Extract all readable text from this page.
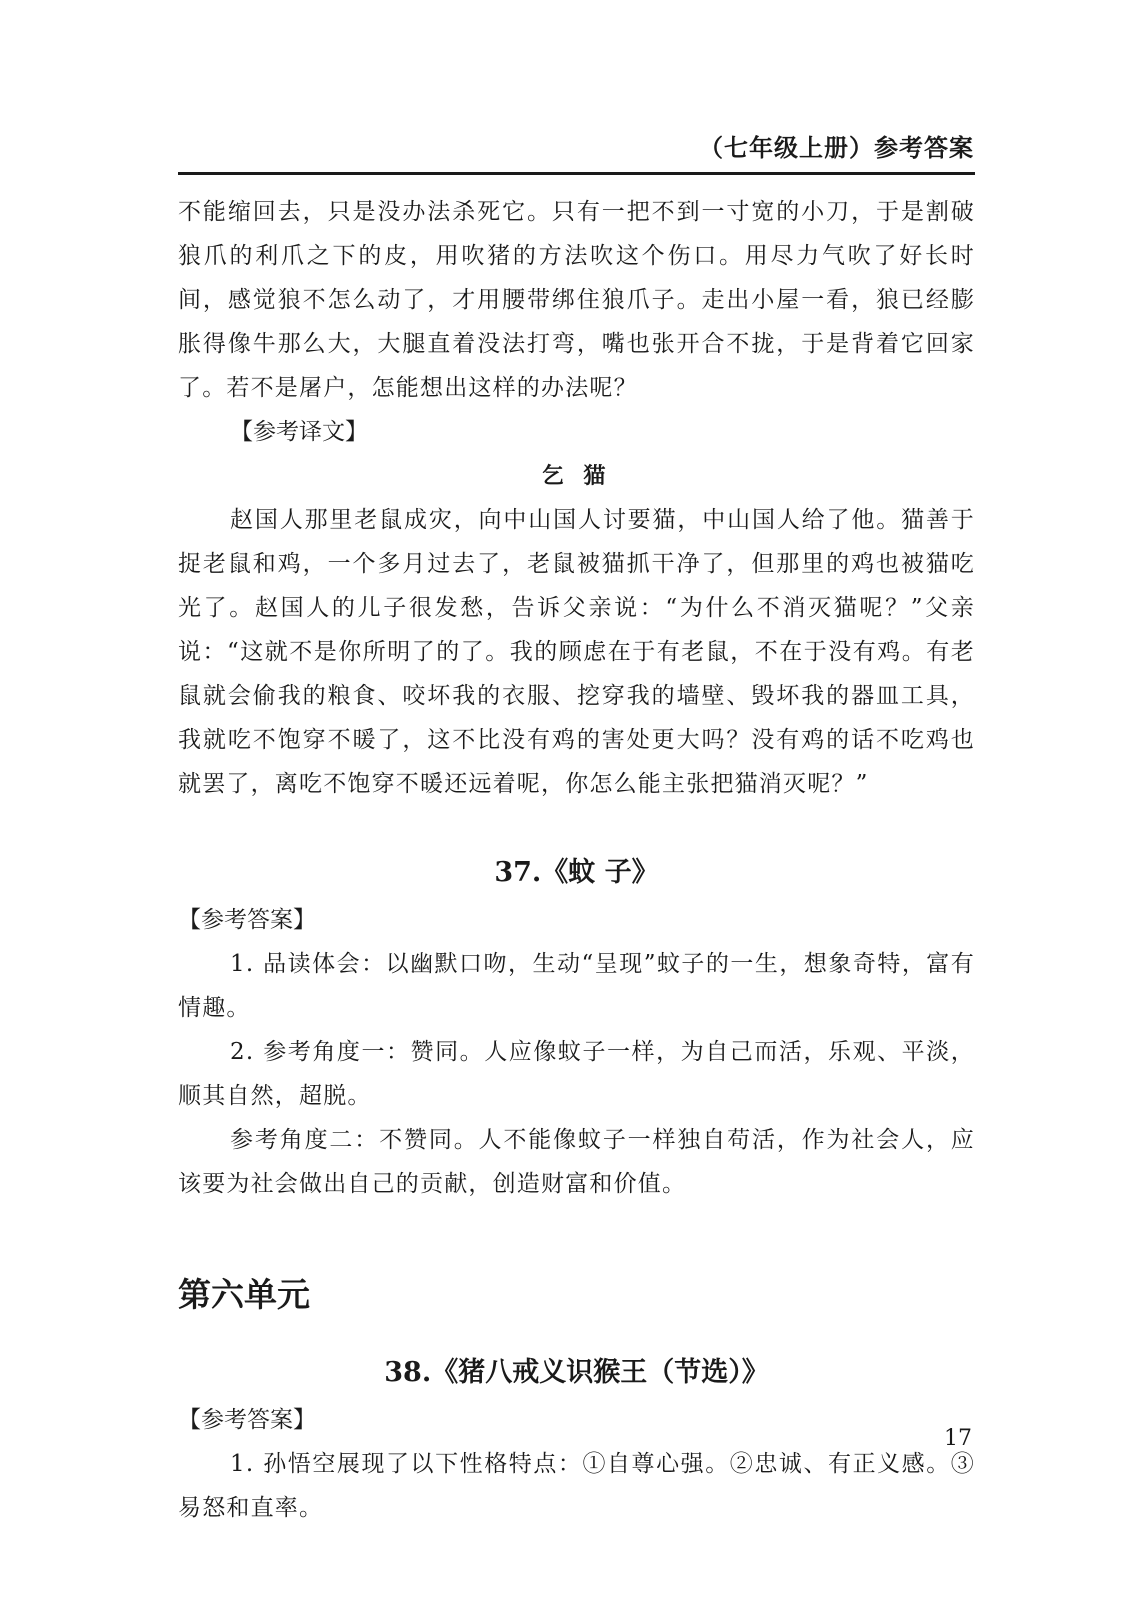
（七年级上册）参考答案

不能缩回去，只是没办法杀死它。只有一把不到一寸宽的小刀，于是割破狼爪的利爪之下的皮，用吹猪的方法吹这个伤口。用尽力气吹了好长时间，感觉狼不怎么动了，才用腰带绑住狼爪子。走出小屋一看，狼已经膨胀得像牛那么大，大腿直着没法打弯，嘴也张开合不拢，于是背着它回家了。若不是屠户，怎能想出这样的办法呢？

【参考译文】

乞 猫

赵国人那里老鼠成灾，向中山国人讨要猫，中山国人给了他。猫善于捉老鼠和鸡，一个多月过去了，老鼠被猫抓干净了，但那里的鸡也被猫吃光了。赵国人的儿子很发愁，告诉父亲说：“为什么不消灭猫呢？”父亲说：“这就不是你所明了的了。我的顾虑在于有老鼠，不在于没有鸡。有老鼠就会偷我的粮食、咬坏我的衣服、挖穿我的墙壁、毁坏我的器皿工具，我就吃不饱穿不暖了，这不比没有鸡的害处更大吗？没有鸡的话不吃鸡也就罢了，离吃不饱穿不暖还远着呢，你怎么能主张把猫消灭呢？”

37.《蚊 子》

【参考答案】

1. 品读体会：以幽默口吻，生动“呈现”蚊子的一生，想象奇特，富有情趣。

2. 参考角度一：赞同。人应像蚊子一样，为自己而活，乐观、平淡，顺其自然，超脱。

参考角度二：不赞同。人不能像蚊子一样独自苟活，作为社会人，应该要为社会做出自己的贡献，创造财富和价值。

第六单元

38.《猪八戒义识猴王（节选）》

【参考答案】

1. 孙悟空展现了以下性格特点：①自尊心强。②忠诚、有正义感。③易怒和直率。

17
